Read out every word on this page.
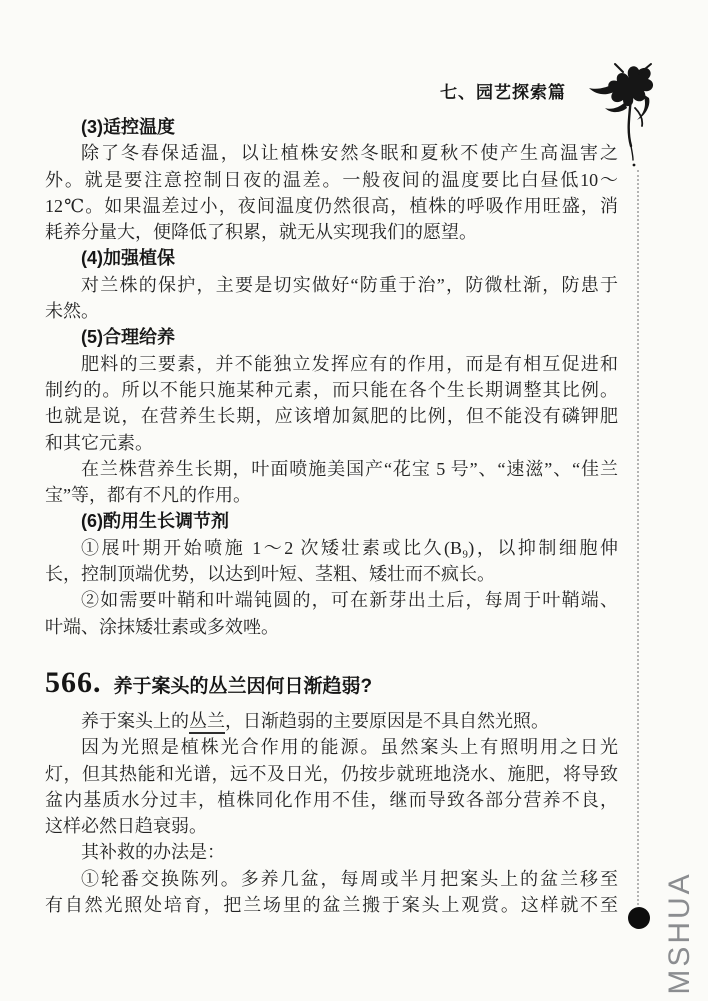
七、园艺探索篇
MSHUA
(3)适控温度
除了冬春保适温，以让植株安然冬眠和夏秋不使产生高温害之
外。就是要注意控制日夜的温差。一般夜间的温度要比白昼低10～
12℃。如果温差过小，夜间温度仍然很高，植株的呼吸作用旺盛，消
耗养分量大，便降低了积累，就无从实现我们的愿望。
(4)加强植保
对兰株的保护，主要是切实做好“防重于治”，防微杜渐，防患于
未然。
(5)合理给养
肥料的三要素，并不能独立发挥应有的作用，而是有相互促进和
制约的。所以不能只施某种元素，而只能在各个生长期调整其比例。
也就是说，在营养生长期，应该增加氮肥的比例，但不能没有磷钾肥
和其它元素。
在兰株营养生长期，叶面喷施美国产“花宝 5 号”、“速滋”、“佳兰
宝”等，都有不凡的作用。
(6)酌用生长调节剂
①展叶期开始喷施 1～2 次矮壮素或比久(B₉)，以抑制细胞伸
长，控制顶端优势，以达到叶短、茎粗、矮壮而不疯长。
②如需要叶鞘和叶端钝圆的，可在新芽出土后，每周于叶鞘端、
叶端、涂抹矮壮素或多效唑。
566. 养于案头的丛兰因何日渐趋弱?
养于案头上的丛兰，日渐趋弱的主要原因是不具自然光照。
因为光照是植株光合作用的能源。虽然案头上有照明用之日光
灯，但其热能和光谱，远不及日光，仍按步就班地浇水、施肥，将导致
盆内基质水分过丰，植株同化作用不佳，继而导致各部分营养不良，
这样必然日趋衰弱。
其补救的办法是：
①轮番交换陈列。多养几盆，每周或半月把案头上的盆兰移至
有自然光照处培育，把兰场里的盆兰搬于案头上观赏。这样就不至
